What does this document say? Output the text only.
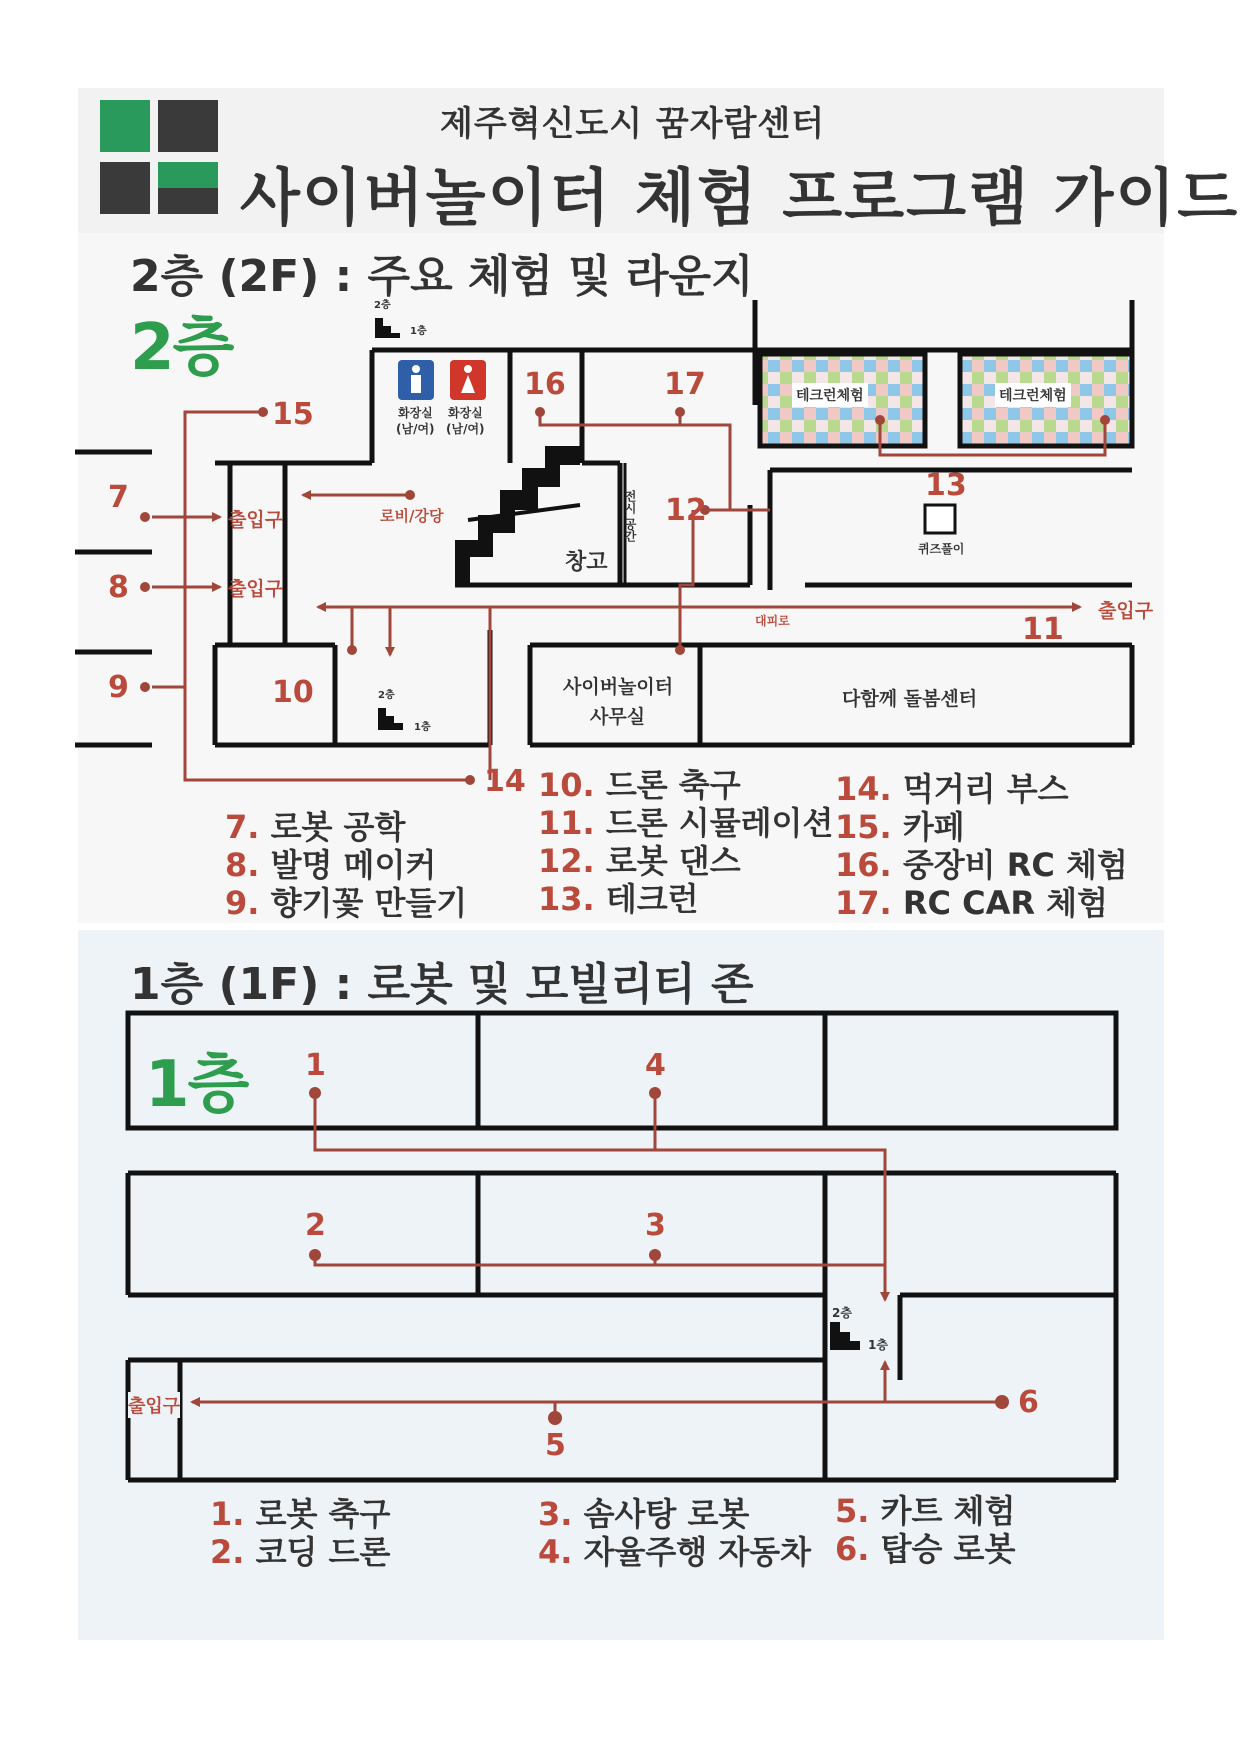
제주혁신도시 꿈자람센터
사이버놀이터 체험 프로그램 가이드
2층 (2F) : 주요 체험 및 라운지
2층
화장실
(남/여)
화장실
(남/여)
출입구
출입구
출입구
로비/강당
창고
전시 공간
테크런체험	테크런체험
퀴즈풀이
대피로
사이버놀이터
사무실
다함께 돌봄센터
2층
1층
2층
1층
7
8
9	10
11
12
13
14
15
16	17
7. 로봇 공학
8. 발명 메이커
9. 향기꽃 만들기
10. 드론 축구
11. 드론 시뮬레이션
12. 로봇 댄스
13. 테크런
14. 먹거리 부스
15. 카페
16. 중장비 RC 체험
17. RC CAR 체험
1층 (1F) : 로봇 및 모빌리티 존
1층 1	4
2	3
5
6
출입구
2층
1층
1. 로봇 축구
2. 코딩 드론
3. 솜사탕 로봇
4. 자율주행 자동차
5. 카트 체험
6. 탑승 로봇
